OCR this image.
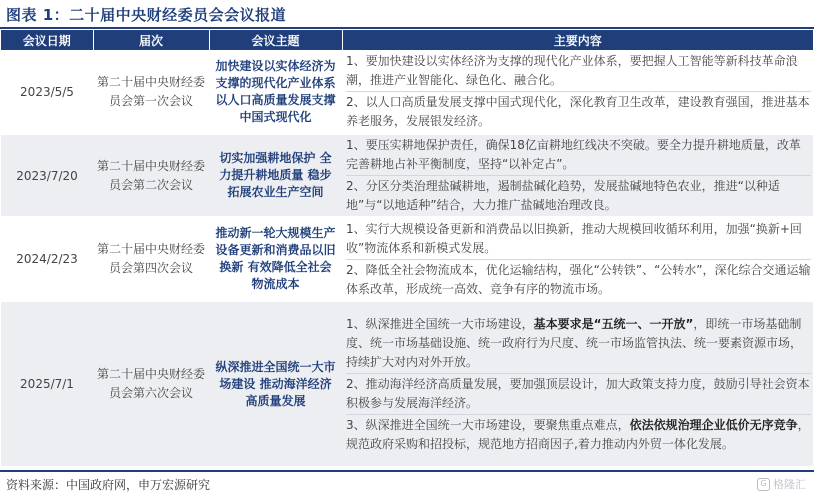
图表 1：二十届中央财经委员会会议报道
会议日期	届次	会议主题	主要内容
2023/5/5	第二十届中央财经委员会第一次会议	加快建设以实体经济为支撑的现代化产业体系 以人口高质量发展支撑中国式现代化	1、要加快建设以实体经济为支撑的现代化产业体系，要把握人工智能等新科技革命浪潮，推进产业智能化、绿色化、融合化。
2、以人口高质量发展支撑中国式现代化，深化教育卫生改革，建设教育强国，推进基本养老服务，发展银发经济。

2023/7/20	第二十届中央财经委员会第二次会议	切实加强耕地保护 全力提升耕地质量 稳步拓展农业生产空间	1、要压实耕地保护责任，确保18亿亩耕地红线决不突破。要全力提升耕地质量，改革完善耕地占补平衡制度，坚持“以补定占”。
2、分区分类治理盐碱耕地，遏制盐碱化趋势，发展盐碱地特色农业，推进“以种适地”与“以地适种”结合，大力推广盐碱地治理改良。

2024/2/23	第二十届中央财经委员会第四次会议	推动新一轮大规模生产设备更新和消费品以旧换新 有效降低全社会物流成本	1、实行大规模设备更新和消费品以旧换新，推动大规模回收循环利用，加强“换新+回收”物流体系和新模式发展。
2、降低全社会物流成本，优化运输结构，强化“公转铁”、“公转水”，深化综合交通运输体系改革，形成统一高效、竞争有序的物流市场。

2025/7/1	第二十届中央财经委员会第六次会议	纵深推进全国统一大市场建设 推动海洋经济高质量发展	1、纵深推进全国统一大市场建设，基本要求是“五统一、一开放”，即统一市场基础制度、统一市场基础设施、统一政府行为尺度、统一市场监管执法、统一要素资源市场，持续扩大对内对外开放。
2、推动海洋经济高质量发展，要加强顶层设计，加大政策支持力度，鼓励引导社会资本积极参与发展海洋经济。
3、纵深推进全国统一大市场建设，要聚焦重点难点，依法依规治理企业低价无序竞争，规范政府采购和招投标，规范地方招商因子,着力推动内外贸一体化发展。
资料来源：中国政府网，申万宏源研究	G 格隆汇
